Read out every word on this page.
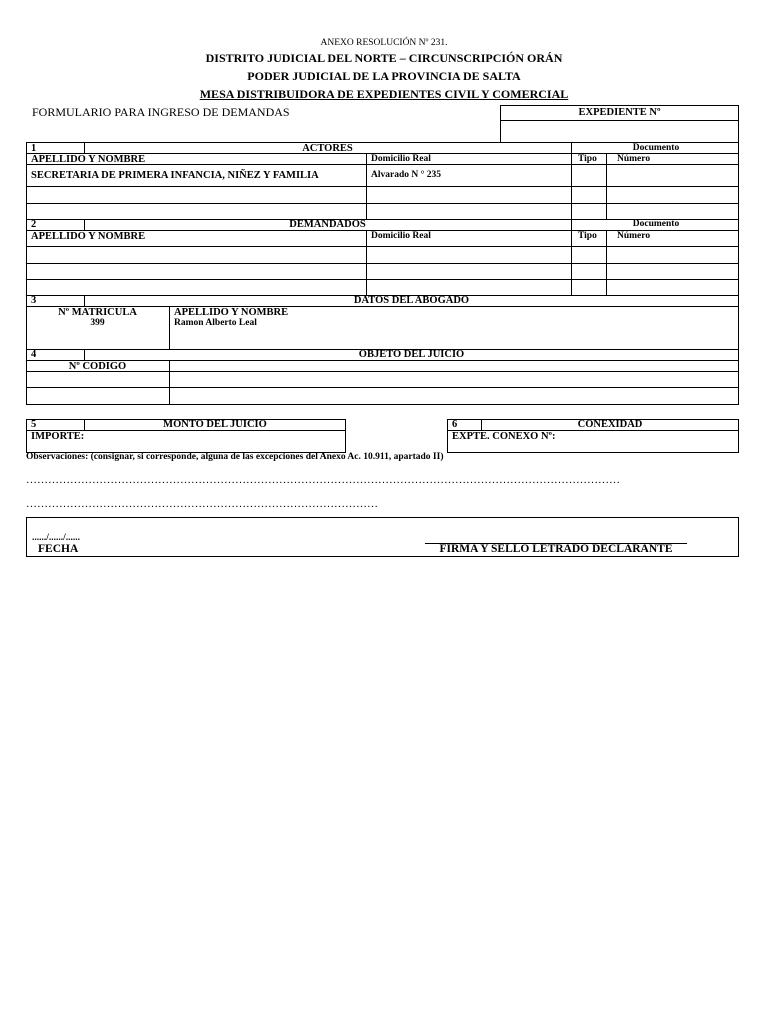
ANEXO RESOLUCIÓN Nº 231.
DISTRITO JUDICIAL DEL NORTE – CIRCUNSCRIPCIÓN ORÁN
PODER JUDICIAL DE LA PROVINCIA DE SALTA
MESA DISTRIBUIDORA DE EXPEDIENTES CIVIL Y COMERCIAL
FORMULARIO PARA INGRESO DE DEMANDAS	EXPEDIENTE Nº
1	ACTORES	Documento
APELLIDO Y NOMBRE	Domicilio Real	Tipo Número
SECRETARIA DE PRIMERA INFANCIA, NIÑEZ Y FAMILIA	Alvarado N ° 235
2	DEMANDADOS	Documento
APELLIDO Y NOMBRE	Domicilio Real	Tipo Número
3	DATOS DEL ABOGADO
Nº MATRICULA	APELLIDO Y NOMBRE
399	Ramon Alberto Leal
4	OBJETO DEL JUICIO
Nº CODIGO
5	MONTO DEL JUICIO
IMPORTE:
6	CONEXIDAD
EXPTE. CONEXO Nº:
Observaciones: (consignar, si corresponde, alguna de las excepciones del Anexo Ac. 10.911, apartado II)
………………………………………………………………………………………………………………………………………………
……………………………………………………………………………………
....../....../......
FECHA	FIRMA Y SELLO LETRADO DECLARANTE
